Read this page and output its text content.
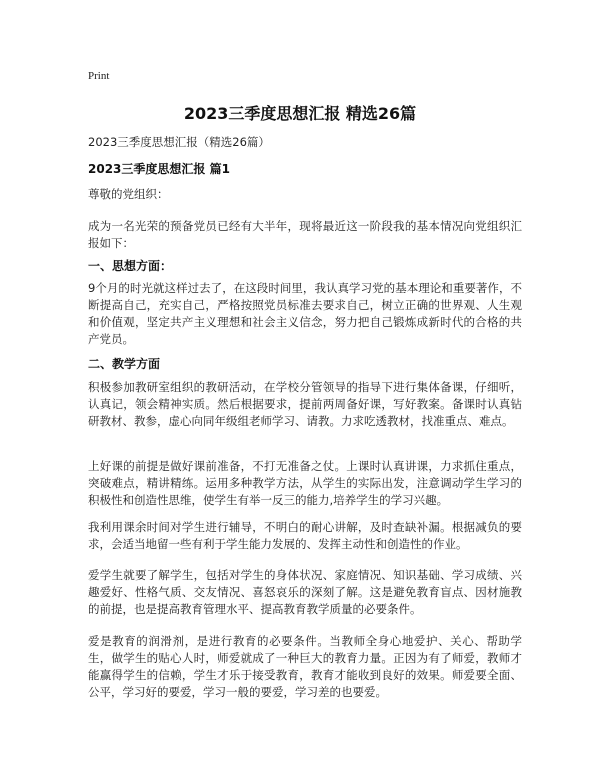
Print
2023三季度思想汇报 精选26篇
2023三季度思想汇报（精选26篇）
2023三季度思想汇报 篇1

尊敬的党组织：

成为一名光荣的预备党员已经有大半年，现将最近这一阶段我的基本情况向党组织汇报如下：

一、思想方面：

9个月的时光就这样过去了，在这段时间里，我认真学习党的基本理论和重要著作，不断提高自己，充实自己，严格按照党员标准去要求自己，树立正确的世界观、人生观和价值观，坚定共产主义理想和社会主义信念，努力把自己锻炼成新时代的合格的共产党员。

二、教学方面

积极参加教研室组织的教研活动，在学校分管领导的指导下进行集体备课，仔细听，认真记，领会精神实质。然后根据要求，提前两周备好课，写好教案。备课时认真钻研教材、教参，虚心向同年级组老师学习、请教。力求吃透教材，找准重点、难点。

上好课的前提是做好课前准备，不打无准备之仗。上课时认真讲课，力求抓住重点，突破难点，精讲精练。运用多种教学方法，从学生的实际出发，注意调动学生学习的积极性和创造性思维，使学生有举一反三的能力,培养学生的学习兴趣。

我利用课余时间对学生进行辅导，不明白的耐心讲解，及时查缺补漏。根据减负的要求，会适当地留一些有利于学生能力发展的、发挥主动性和创造性的作业。

爱学生就要了解学生，包括对学生的身体状况、家庭情况、知识基础、学习成绩、兴趣爱好、性格气质、交友情况、喜怒哀乐的深刻了解。这是避免教育盲点、因材施教的前提，也是提高教育管理水平、提高教育教学质量的必要条件。

爱是教育的润滑剂，是进行教育的必要条件。当教师全身心地爱护、关心、帮助学生，做学生的贴心人时，师爱就成了一种巨大的教育力量。正因为有了师爱，教师才能赢得学生的信赖，学生才乐于接受教育，教育才能收到良好的效果。师爱要全面、公平，学习好的要爱，学习一般的要爱，学习差的也要爱。
